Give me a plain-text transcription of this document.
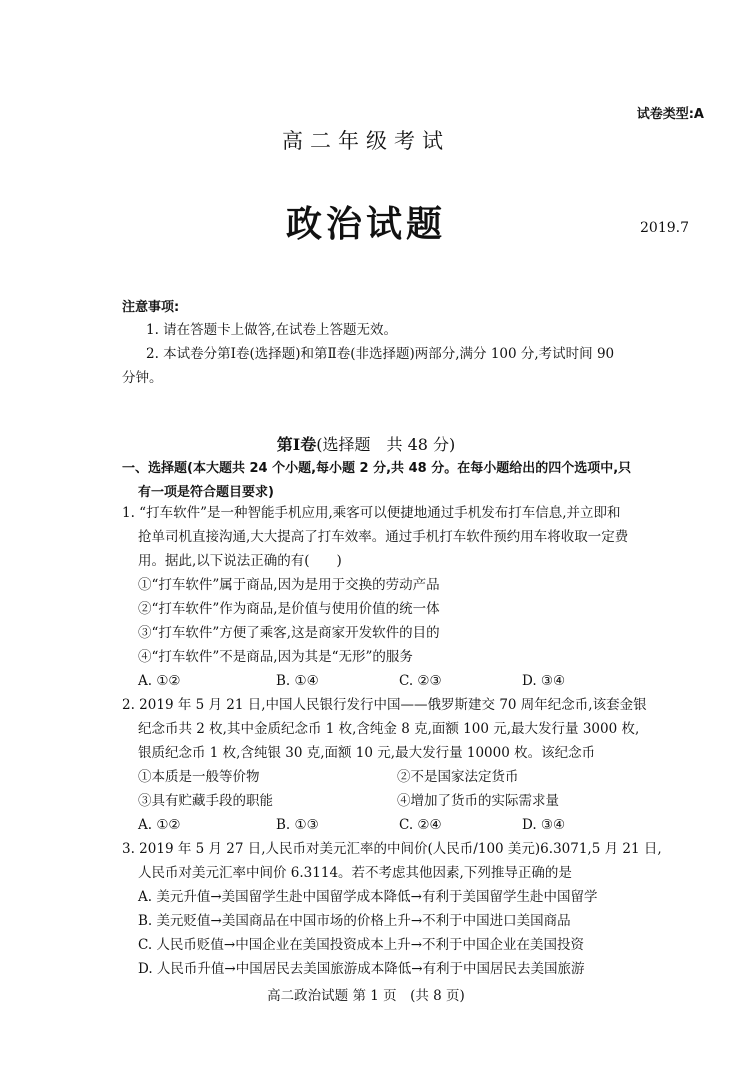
试卷类型:A
高二年级考试
政治试题	2019.7
注意事项:
1. 请在答题卡上做答,在试卷上答题无效。
2. 本试卷分第Ⅰ卷(选择题)和第Ⅱ卷(非选择题)两部分,满分 100 分,考试时间 90
分钟。
第Ⅰ卷(选择题　共 48 分)
一、选择题(本大题共 24 个小题,每小题 2 分,共 48 分。在每小题给出的四个选项中,只
有一项是符合题目要求)
1. “打车软件”是一种智能手机应用,乘客可以便捷地通过手机发布打车信息,并立即和
抢单司机直接沟通,大大提高了打车效率。通过手机打车软件预约用车将收取一定费
用。据此,以下说法正确的有(　　)
①“打车软件”属于商品,因为是用于交换的劳动产品
②“打车软件”作为商品,是价值与使用价值的统一体
③“打车软件”方便了乘客,这是商家开发软件的目的
④“打车软件”不是商品,因为其是“无形”的服务
A. ①②	B. ①④	C. ②③	D. ③④
2. 2019 年 5 月 21 日,中国人民银行发行中国——俄罗斯建交 70 周年纪念币,该套金银
纪念币共 2 枚,其中金质纪念币 1 枚,含纯金 8 克,面额 100 元,最大发行量 3000 枚,
银质纪念币 1 枚,含纯银 30 克,面额 10 元,最大发行量 10000 枚。该纪念币
①本质是一般等价物	②不是国家法定货币
③具有贮藏手段的职能	④增加了货币的实际需求量
A. ①②	B. ①③	C. ②④	D. ③④
3. 2019 年 5 月 27 日,人民币对美元汇率的中间价(人民币/100 美元)6.3071,5 月 21 日,
人民币对美元汇率中间价 6.3114。若不考虑其他因素,下列推导正确的是
A. 美元升值→美国留学生赴中国留学成本降低→有利于美国留学生赴中国留学
B. 美元贬值→美国商品在中国市场的价格上升→不利于中国进口美国商品
C. 人民币贬值→中国企业在美国投资成本上升→不利于中国企业在美国投资
D. 人民币升值→中国居民去美国旅游成本降低→有利于中国居民去美国旅游
高二政治试题 第 1 页　(共 8 页)
